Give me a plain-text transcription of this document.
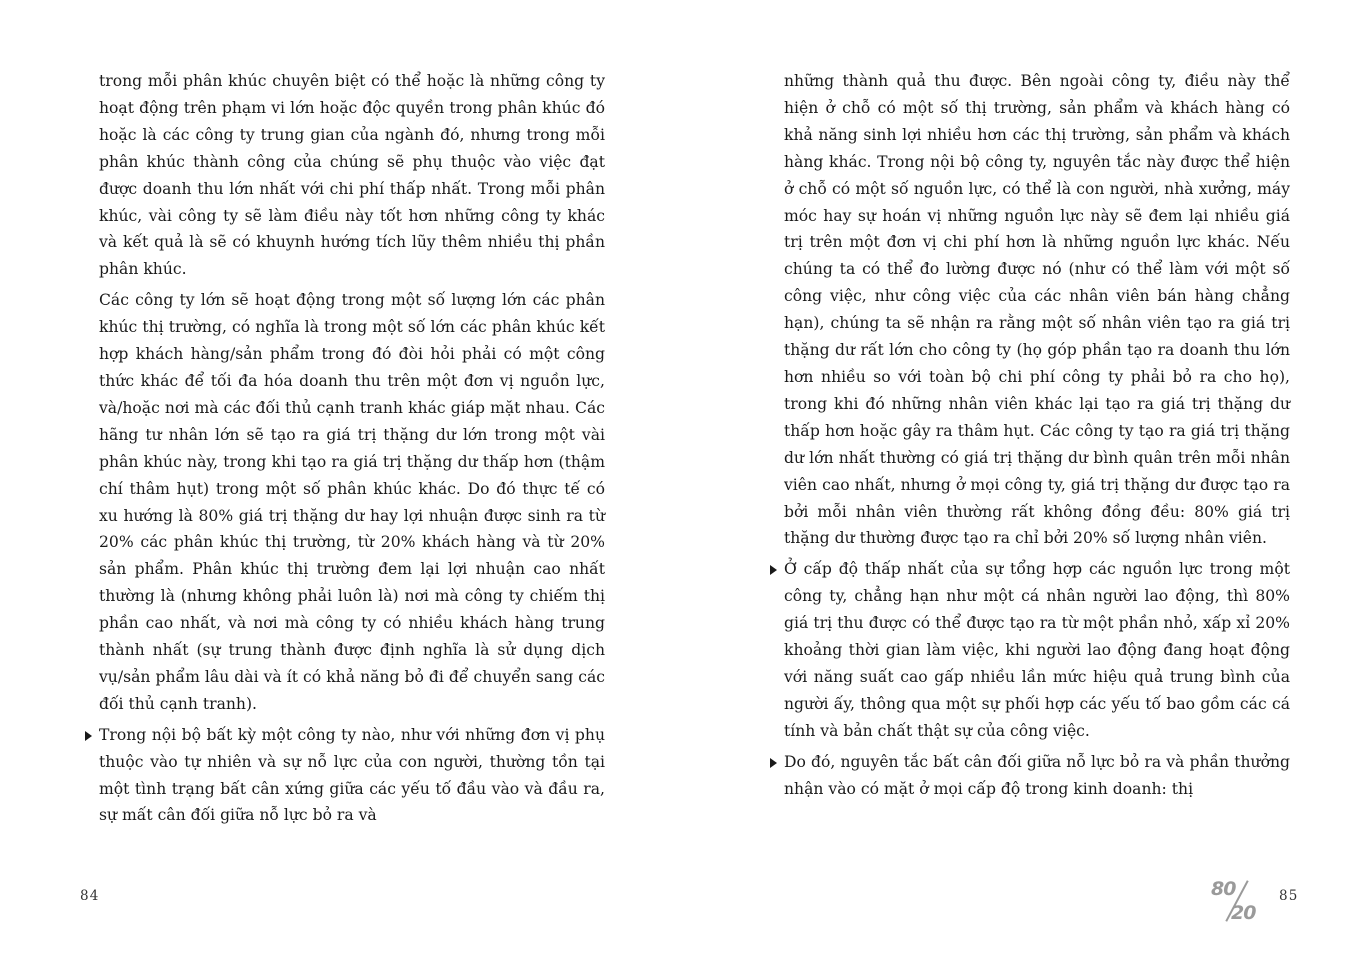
trong mỗi phân khúc chuyên biệt có thể hoặc là những công ty hoạt động trên phạm vi lớn hoặc độc quyền trong phân khúc đó hoặc là các công ty trung gian của ngành đó, nhưng trong mỗi phân khúc thành công của chúng sẽ phụ thuộc vào việc đạt được doanh thu lớn nhất với chi phí thấp nhất. Trong mỗi phân khúc, vài công ty sẽ làm điều này tốt hơn những công ty khác và kết quả là sẽ có khuynh hướng tích lũy thêm nhiều thị phần phân khúc.

Các công ty lớn sẽ hoạt động trong một số lượng lớn các phân khúc thị trường, có nghĩa là trong một số lớn các phân khúc kết hợp khách hàng/sản phẩm trong đó đòi hỏi phải có một công thức khác để tối đa hóa doanh thu trên một đơn vị nguồn lực, và/hoặc nơi mà các đối thủ cạnh tranh khác giáp mặt nhau. Các hãng tư nhân lớn sẽ tạo ra giá trị thặng dư lớn trong một vài phân khúc này, trong khi tạo ra giá trị thặng dư thấp hơn (thậm chí thâm hụt) trong một số phân khúc khác. Do đó thực tế có xu hướng là 80% giá trị thặng dư hay lợi nhuận được sinh ra từ 20% các phân khúc thị trường, từ 20% khách hàng và từ 20% sản phẩm. Phân khúc thị trường đem lại lợi nhuận cao nhất thường là (nhưng không phải luôn là) nơi mà công ty chiếm thị phần cao nhất, và nơi mà công ty có nhiều khách hàng trung thành nhất (sự trung thành được định nghĩa là sử dụng dịch vụ/sản phẩm lâu dài và ít có khả năng bỏ đi để chuyển sang các đối thủ cạnh tranh).

Trong nội bộ bất kỳ một công ty nào, như với những đơn vị phụ thuộc vào tự nhiên và sự nỗ lực của con người, thường tồn tại một tình trạng bất cân xứng giữa các yếu tố đầu vào và đầu ra, sự mất cân đối giữa nỗ lực bỏ ra và

84

những thành quả thu được. Bên ngoài công ty, điều này thể hiện ở chỗ có một số thị trường, sản phẩm và khách hàng có khả năng sinh lợi nhiều hơn các thị trường, sản phẩm và khách hàng khác. Trong nội bộ công ty, nguyên tắc này được thể hiện ở chỗ có một số nguồn lực, có thể là con người, nhà xưởng, máy móc hay sự hoán vị những nguồn lực này sẽ đem lại nhiều giá trị trên một đơn vị chi phí hơn là những nguồn lực khác. Nếu chúng ta có thể đo lường được nó (như có thể làm với một số công việc, như công việc của các nhân viên bán hàng chẳng hạn), chúng ta sẽ nhận ra rằng một số nhân viên tạo ra giá trị thặng dư rất lớn cho công ty (họ góp phần tạo ra doanh thu lớn hơn nhiều so với toàn bộ chi phí công ty phải bỏ ra cho họ), trong khi đó những nhân viên khác lại tạo ra giá trị thặng dư thấp hơn hoặc gây ra thâm hụt. Các công ty tạo ra giá trị thặng dư lớn nhất thường có giá trị thặng dư bình quân trên mỗi nhân viên cao nhất, nhưng ở mọi công ty, giá trị thặng dư được tạo ra bởi mỗi nhân viên thường rất không đồng đều: 80% giá trị thặng dư thường được tạo ra chỉ bởi 20% số lượng nhân viên.

Ở cấp độ thấp nhất của sự tổng hợp các nguồn lực trong một công ty, chẳng hạn như một cá nhân người lao động, thì 80% giá trị thu được có thể được tạo ra từ một phần nhỏ, xấp xỉ 20% khoảng thời gian làm việc, khi người lao động đang hoạt động với năng suất cao gấp nhiều lần mức hiệu quả trung bình của người ấy, thông qua một sự phối hợp các yếu tố bao gồm các cá tính và bản chất thật sự của công việc.

Do đó, nguyên tắc bất cân đối giữa nỗ lực bỏ ra và phần thưởng nhận vào có mặt ở mọi cấp độ trong kinh doanh: thị

80
20
85
